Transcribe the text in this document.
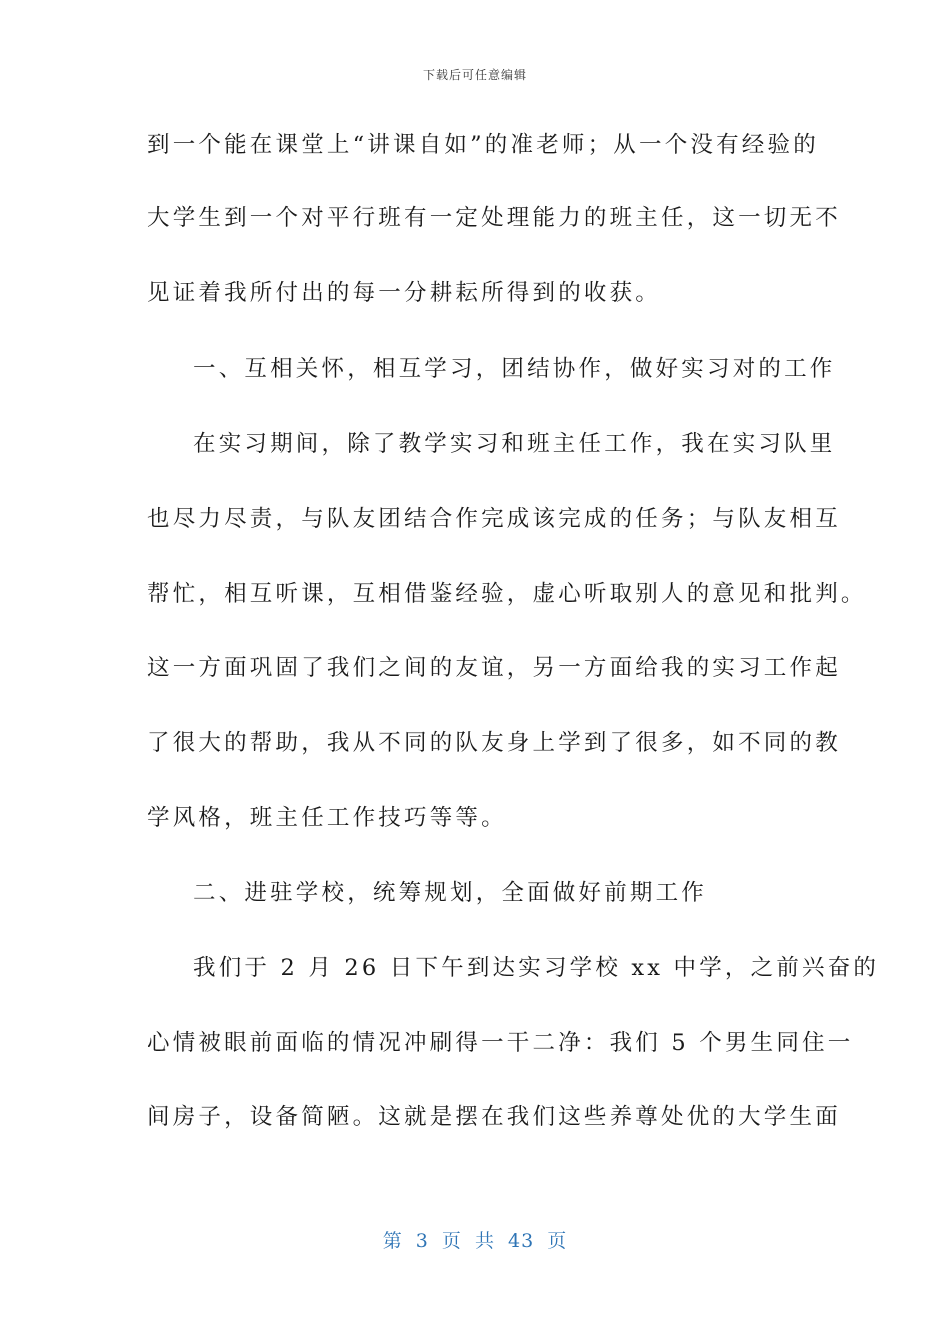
下载后可任意编辑
到一个能在课堂上“讲课自如”的准老师；从一个没有经验的
大学生到一个对平行班有一定处理能力的班主任，这一切无不
见证着我所付出的每一分耕耘所得到的收获。
一、互相关怀，相互学习，团结协作，做好实习对的工作
在实习期间，除了教学实习和班主任工作，我在实习队里
也尽力尽责，与队友团结合作完成该完成的任务；与队友相互
帮忙，相互听课，互相借鉴经验，虚心听取别人的意见和批判。
这一方面巩固了我们之间的友谊，另一方面给我的实习工作起
了很大的帮助，我从不同的队友身上学到了很多，如不同的教
学风格，班主任工作技巧等等。
二、进驻学校，统筹规划，全面做好前期工作
我们于 2 月 26 日下午到达实习学校 xx 中学，之前兴奋的
心情被眼前面临的情况冲刷得一干二净：我们 5 个男生同住一
间房子，设备简陋。这就是摆在我们这些养尊处优的大学生面
第 3 页 共 43 页
